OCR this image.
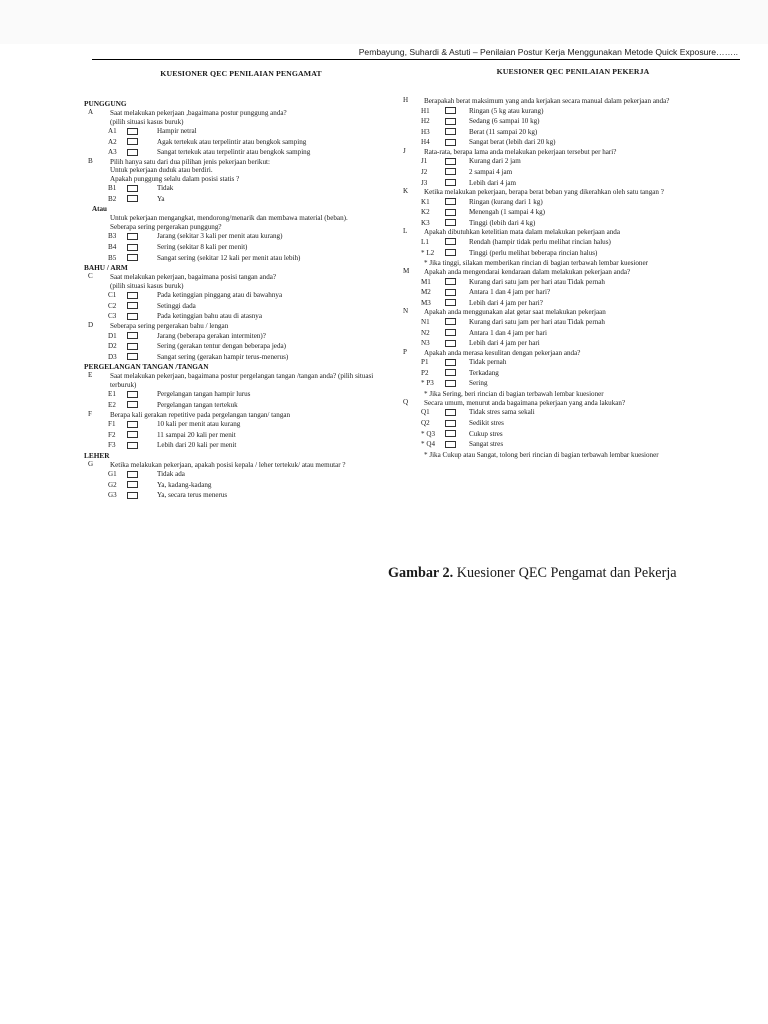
Pembayung, Suhardi & Astuti – Penilaian Postur Kerja Menggunakan Metode Quick Exposure……..
KUESIONER QEC PENILAIAN PENGAMAT
PUNGGUNG
A Saat melakukan pekerjaan ,bagaimana postur punggung anda?
(pilih situasi kasus buruk)
A1	Hampir netral
A2	Agak tertekuk atau terpelintir atau bengkok samping
A3	Sangat tertekuk atau terpelintir atau bengkok samping
B Pilih hanya satu dari dua pilihan jenis pekerjaan berikut:
Untuk pekerjaan duduk atau berdiri.
Apakah punggung selalu dalam posisi statis ?
B1	Tidak
B2	Ya
Atau
Untuk pekerjaan mengangkat, mendorong/menarik dan membawa material (beban).
Seberapa sering pergerakan punggung?
B3	Jarang (sekitar 3 kali per menit atau kurang)
B4	Sering (sekitar 8 kali per menit)
B5	Sangat sering (sekitar 12 kali per menit atau lebih)
BAHU / ARM
C Saat melakukan pekerjaan, bagaimana posisi tangan anda?
(pilih situasi kasus buruk)
C1	Pada ketinggian pinggang atau di bawahnya
C2	Setinggi dada
C3	Pada ketinggian bahu atau di atasnya
D Seberapa sering pergerakan bahu / lengan
D1	Jarang (beberapa gerakan intermiten)?
D2	Sering (gerakan tentur dengan beberapa jeda)
D3	Sangat sering (gerakan hampir terus-menerus)
PERGELANGAN TANGAN /TANGAN
E Saat melakukan pekerjaan, bagaimana postur pergelangan tangan /tangan anda? (pilih situasi
terburuk)
E1	Pergelangan tangan hampir lurus
E2	Pergelangan tangan tertekuk
F	Berapa kali gerakan repetitive pada pergelangan tangan/ tangan
F1	10 kali per menit atau kurang
F2	11 sampai 20 kali per menit
F3	Lebih dari 20 kali per menit
LEHER
G Ketika melakukan pekerjaan, apakah posisi kepala / leher tertekuk/ atau memutar ?
G1	Tidak ada
G2	Ya, kadang-kadang
G3	Ya, secara terus menerus
KUESIONER QEC PENILAIAN PEKERJA
H Berapakah berat maksimum yang anda kerjakan secara manual dalam pekerjaan anda?
H1	Ringan (5 kg atau kurang)
H2	Sedang (6 sampai 10 kg)
H3	Berat (11 sampai 20 kg)
H4	Sangat berat (lebih dari 20 kg)
J	Rata-rata, berapa lama anda melakukan pekerjaan tersebut per hari?
J1	Kurang dari 2 jam
J2	2 sampai 4 jam
J3	Lebih dari 4 jam
K Ketika melakukan pekerjaan, berapa berat beban yang dikerahkan oleh satu tangan ?
K1	Ringan (kurang dari 1 kg)
K2	Menengah (1 sampai 4 kg)
K3	Tinggi (lebih dari 4 kg)
L Apakah dibutuhkan ketelitian mata dalam melakukan pekerjaan anda
L1	Rendah (hampir tidak perlu melihat rincian halus)
* L2	Tinggi (perlu melihat beberapa rincian halus)
* Jika tinggi, silakan memberikan rincian di bagian terbawah lembar kuesioner
M Apakah anda mengendarai kendaraan dalam melakukan pekerjaan anda?
M1	Kurang dari satu jam per hari atau Tidak pernah
M2	Antara 1 dan 4 jam per hari?
M3	Lebih dari 4 jam per hari?
N Apakah anda menggunakan alat getar saat melakukan pekerjaan
N1	Kurang dari satu jam per hari atau Tidak pernah
N2	Antara 1 dan 4 jam per hari
N3	Lebih dari 4 jam per hari
P Apakah anda merasa kesulitan dengan pekerjaan anda?
P1	Tidak pernah
P2	Terkadang
* P3	Sering
* Jika Sering, beri rincian di bagian terbawah lembar kuesioner
Q Secara umum, menurut anda bagaimana pekerjaan yang anda lakukan?
Q1	Tidak stres sama sekali
Q2	Sedikit stres
* Q3	Cukup stres
* Q4	Sangat stres
* Jika Cukup atau Sangat, tolong beri rincian di bagian terbawah lembar kuesioner
Gambar 2. Kuesioner QEC Pengamat dan Pekerja
